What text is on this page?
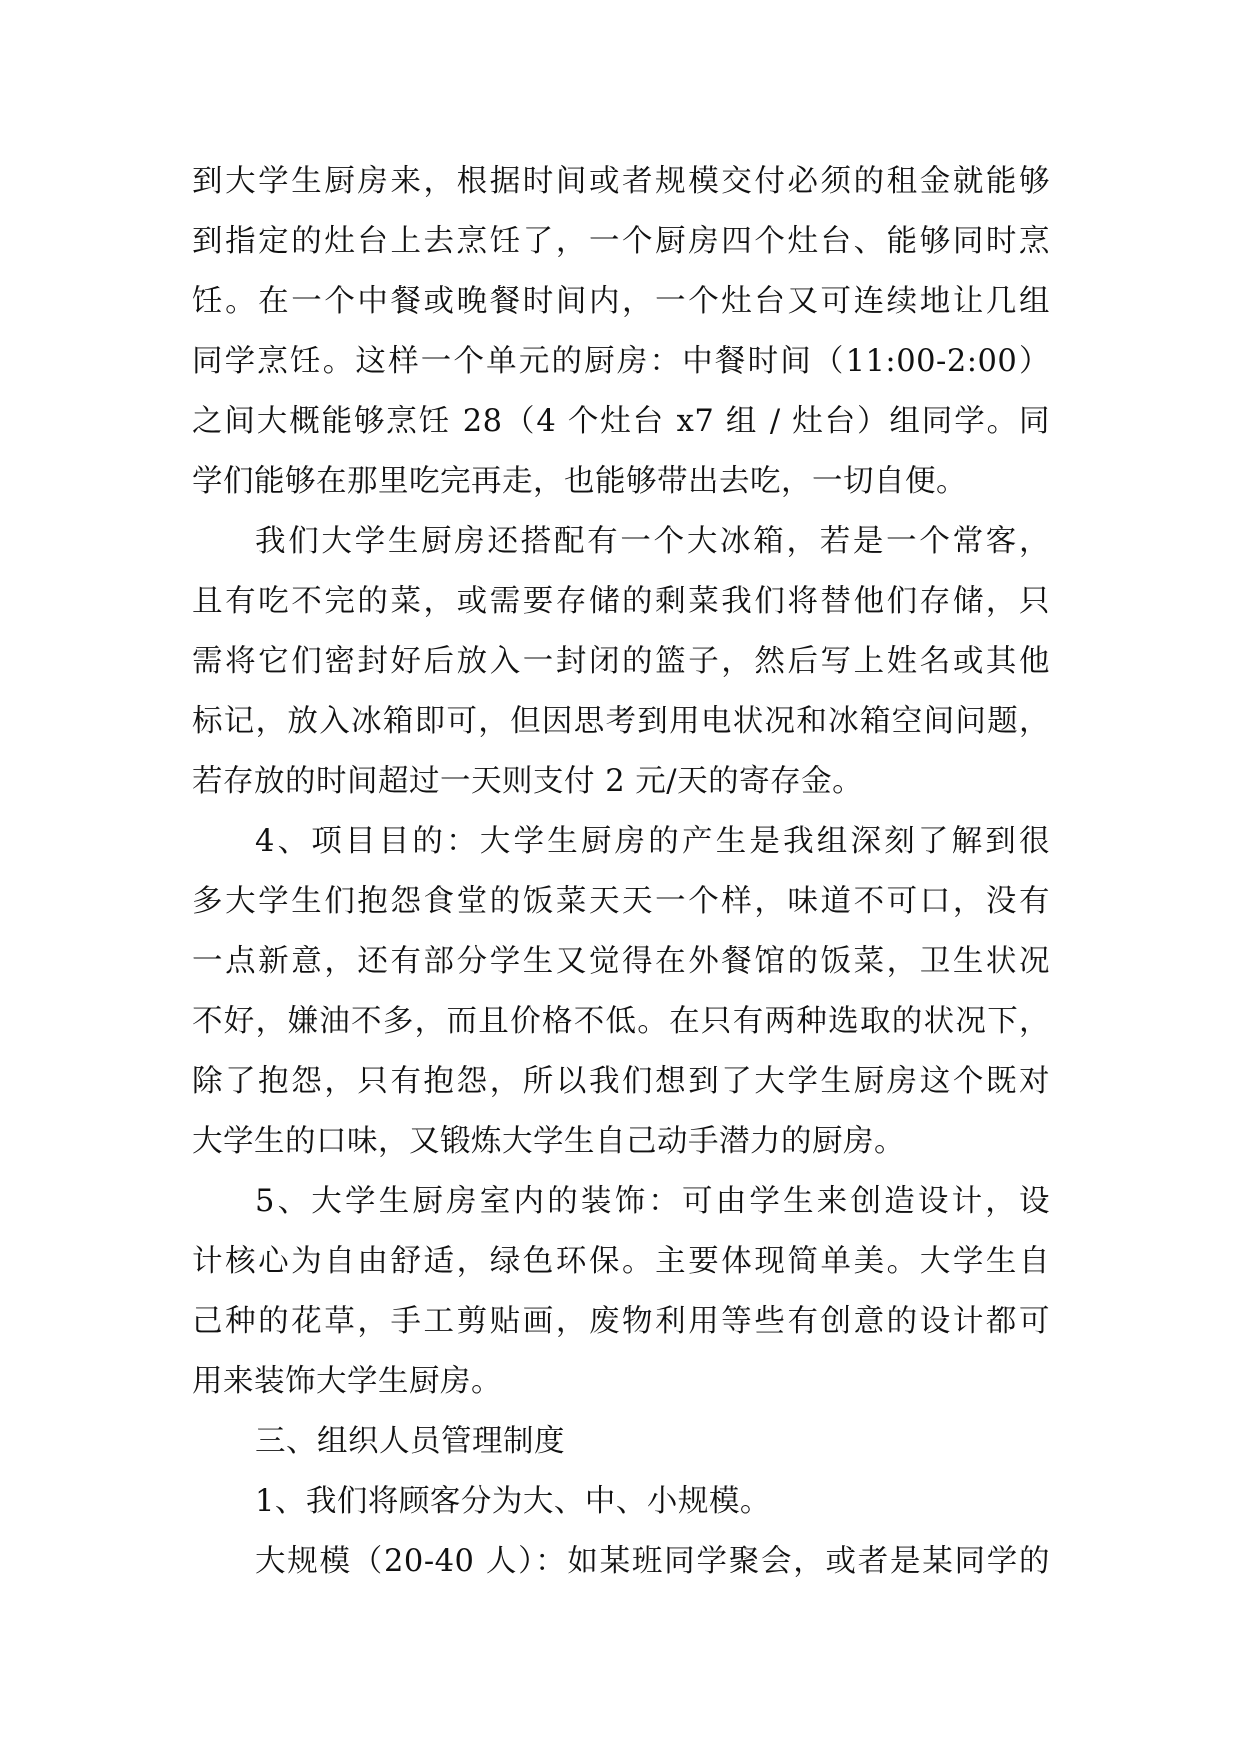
到大学生厨房来，根据时间或者规模交付必须的租金就能够
到指定的灶台上去烹饪了，一个厨房四个灶台、能够同时烹
饪。在一个中餐或晚餐时间内，一个灶台又可连续地让几组
同学烹饪。这样一个单元的厨房：中餐时间（11:00-2:00）
之间大概能够烹饪 28（4 个灶台 x7 组 / 灶台）组同学。同
学们能够在那里吃完再走，也能够带出去吃，一切自便。
我们大学生厨房还搭配有一个大冰箱，若是一个常客，
且有吃不完的菜，或需要存储的剩菜我们将替他们存储，只
需将它们密封好后放入一封闭的篮子，然后写上姓名或其他
标记，放入冰箱即可，但因思考到用电状况和冰箱空间问题，
若存放的时间超过一天则支付 2 元/天的寄存金。
4、项目目的：大学生厨房的产生是我组深刻了解到很
多大学生们抱怨食堂的饭菜天天一个样，味道不可口，没有
一点新意，还有部分学生又觉得在外餐馆的饭菜，卫生状况
不好，嫌油不多，而且价格不低。在只有两种选取的状况下，
除了抱怨，只有抱怨，所以我们想到了大学生厨房这个既对
大学生的口味，又锻炼大学生自己动手潜力的厨房。
5、大学生厨房室内的装饰：可由学生来创造设计，设
计核心为自由舒适，绿色环保。主要体现简单美。大学生自
己种的花草，手工剪贴画，废物利用等些有创意的设计都可
用来装饰大学生厨房。
三、组织人员管理制度
1、我们将顾客分为大、中、小规模。
大规模（20-40 人）：如某班同学聚会，或者是某同学的
